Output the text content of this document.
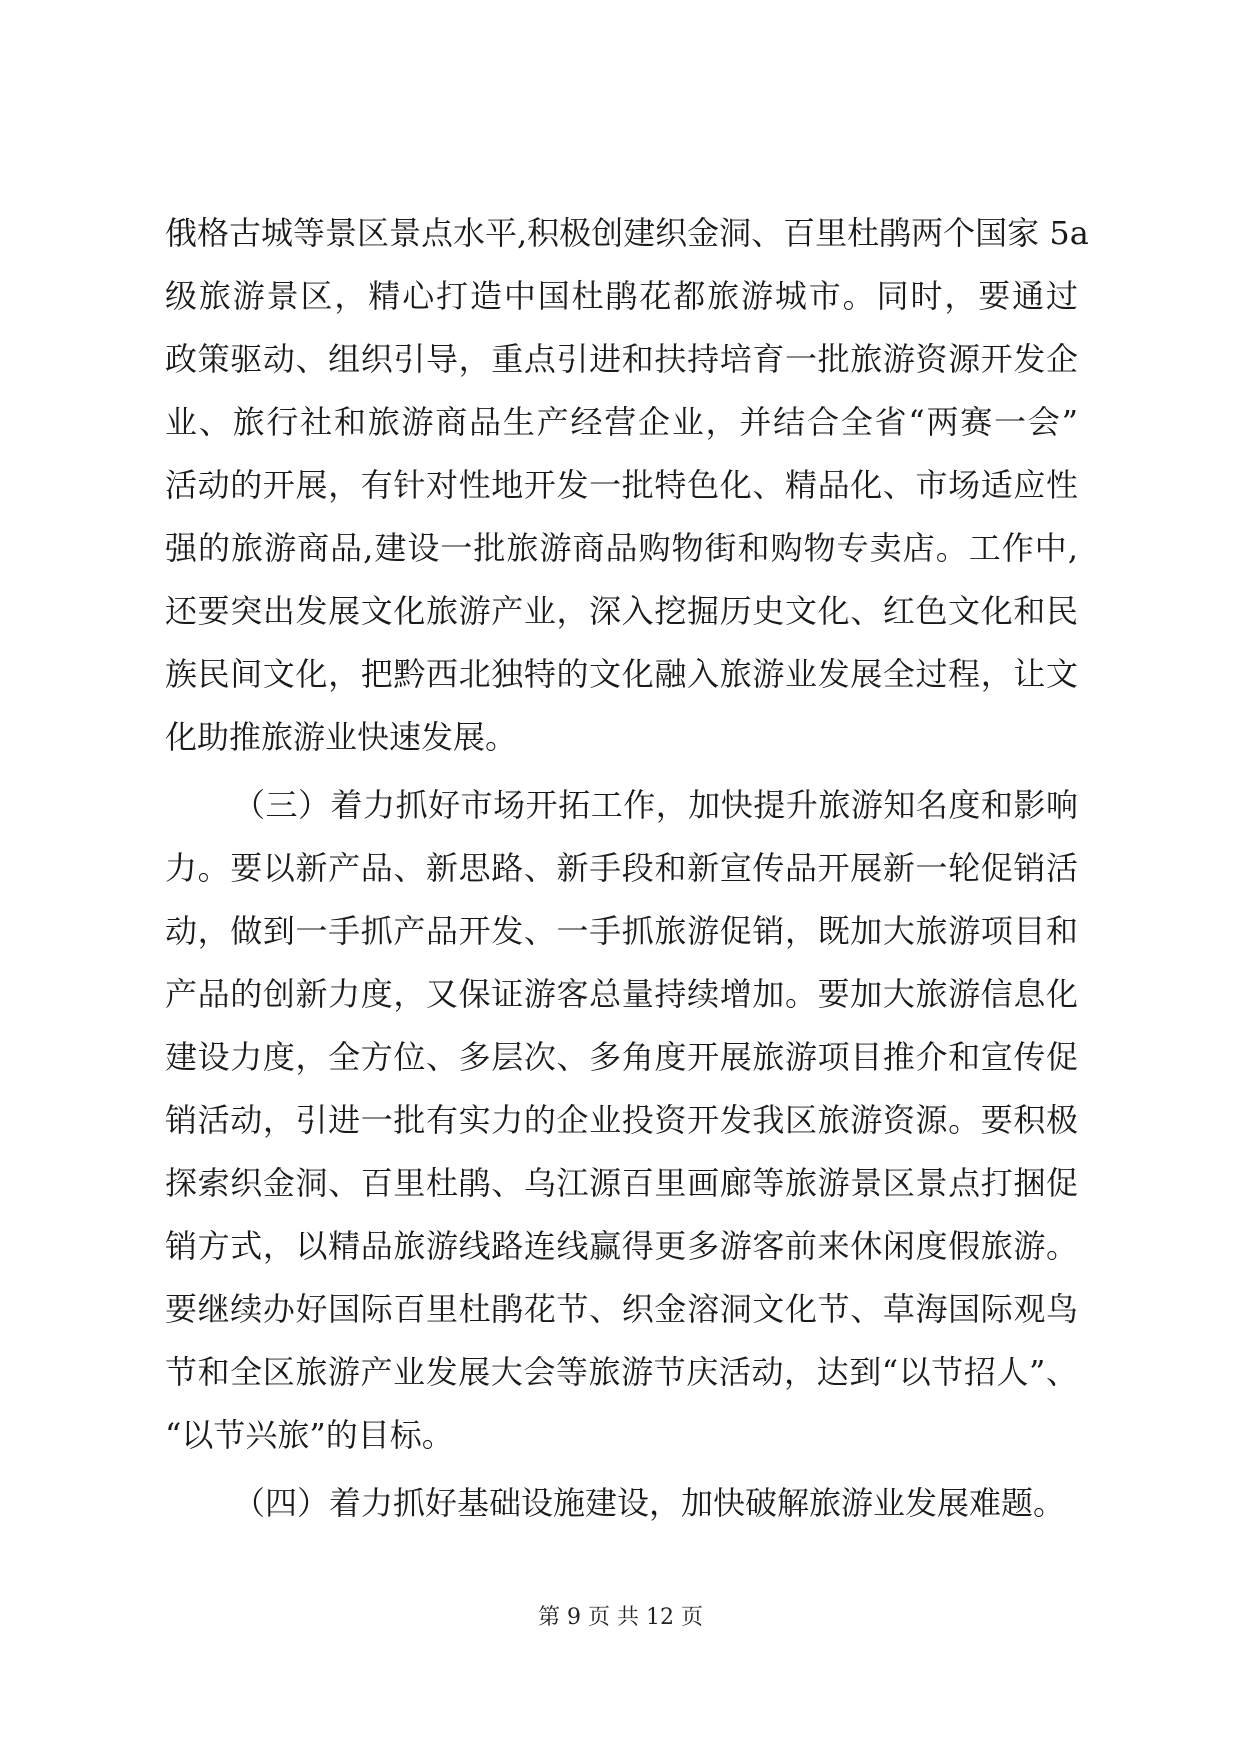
俄格古城等景区景点水平,积极创建织金洞、百里杜鹃两个国家 5a
级旅游景区，精心打造中国杜鹃花都旅游城市。同时，要通过
政策驱动、组织引导，重点引进和扶持培育一批旅游资源开发企
业、旅行社和旅游商品生产经营企业，并结合全省“两赛一会”
活动的开展，有针对性地开发一批特色化、精品化、市场适应性
强的旅游商品,建设一批旅游商品购物街和购物专卖店。工作中,
还要突出发展文化旅游产业，深入挖掘历史文化、红色文化和民
族民间文化，把黔西北独特的文化融入旅游业发展全过程，让文
化助推旅游业快速发展。
（三）着力抓好市场开拓工作，加快提升旅游知名度和影响
力。要以新产品、新思路、新手段和新宣传品开展新一轮促销活
动，做到一手抓产品开发、一手抓旅游促销，既加大旅游项目和
产品的创新力度，又保证游客总量持续增加。要加大旅游信息化
建设力度，全方位、多层次、多角度开展旅游项目推介和宣传促
销活动，引进一批有实力的企业投资开发我区旅游资源。要积极
探索织金洞、百里杜鹃、乌江源百里画廊等旅游景区景点打捆促
销方式，以精品旅游线路连线赢得更多游客前来休闲度假旅游。
要继续办好国际百里杜鹃花节、织金溶洞文化节、草海国际观鸟
节和全区旅游产业发展大会等旅游节庆活动，达到“以节招人”、
“以节兴旅”的目标。
（四）着力抓好基础设施建设，加快破解旅游业发展难题。
第 9 页 共 12 页
